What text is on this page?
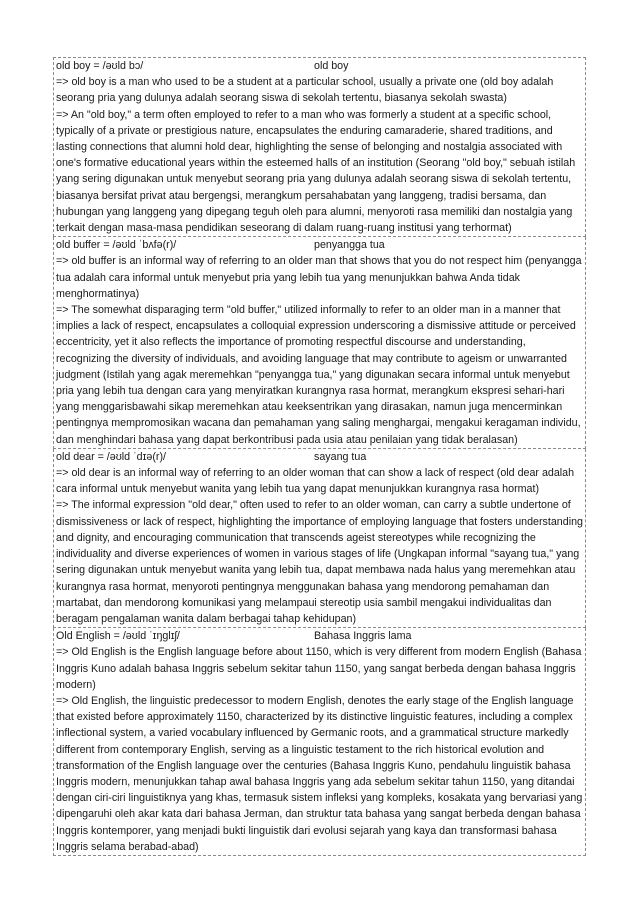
old boy = /əʊld bɔ/	old boy

=> old boy is a man who used to be a student at a particular school, usually a private one (old boy adalah seorang pria yang dulunya adalah seorang siswa di sekolah tertentu, biasanya sekolah swasta)

=> An "old boy," a term often employed to refer to a man who was formerly a student at a specific school, typically of a private or prestigious nature, encapsulates the enduring camaraderie, shared traditions, and lasting connections that alumni hold dear, highlighting the sense of belonging and nostalgia associated with one's formative educational years within the esteemed halls of an institution (Seorang "old boy," sebuah istilah yang sering digunakan untuk menyebut seorang pria yang dulunya adalah seorang siswa di sekolah tertentu, biasanya bersifat privat atau bergengsi, merangkum persahabatan yang langgeng, tradisi bersama, dan hubungan yang langgeng yang dipegang teguh oleh para alumni, menyoroti rasa memiliki dan nostalgia yang terkait dengan masa-masa pendidikan seseorang di dalam ruang-ruang institusi yang terhormat)

old buffer = /əʊld ˈbʌfə(r)/	penyangga tua

=> old buffer is an informal way of referring to an older man that shows that you do not respect him (penyangga tua adalah cara informal untuk menyebut pria yang lebih tua yang menunjukkan bahwa Anda tidak menghormatinya)

=> The somewhat disparaging term "old buffer," utilized informally to refer to an older man in a manner that implies a lack of respect, encapsulates a colloquial expression underscoring a dismissive attitude or perceived eccentricity, yet it also reflects the importance of promoting respectful discourse and understanding, recognizing the diversity of individuals, and avoiding language that may contribute to ageism or unwarranted judgment (Istilah yang agak meremehkan "penyangga tua," yang digunakan secara informal untuk menyebut pria yang lebih tua dengan cara yang menyiratkan kurangnya rasa hormat, merangkum ekspresi sehari-hari yang menggarisbawahi sikap meremehkan atau keeksentrikan yang dirasakan, namun juga mencerminkan pentingnya mempromosikan wacana dan pemahaman yang saling menghargai, mengakui keragaman individu, dan menghindari bahasa yang dapat berkontribusi pada usia atau penilaian yang tidak beralasan)

old dear = /əʊld ˈdɪə(r)/	sayang tua

=> old dear is an informal way of referring to an older woman that can show a lack of respect (old dear adalah cara informal untuk menyebut wanita yang lebih tua yang dapat menunjukkan kurangnya rasa hormat)

=> The informal expression "old dear," often used to refer to an older woman, can carry a subtle undertone of dismissiveness or lack of respect, highlighting the importance of employing language that fosters understanding and dignity, and encouraging communication that transcends ageist stereotypes while recognizing the individuality and diverse experiences of women in various stages of life (Ungkapan informal "sayang tua," yang sering digunakan untuk menyebut wanita yang lebih tua, dapat membawa nada halus yang meremehkan atau kurangnya rasa hormat, menyoroti pentingnya menggunakan bahasa yang mendorong pemahaman dan martabat, dan mendorong komunikasi yang melampaui stereotip usia sambil mengakui individualitas dan beragam pengalaman wanita dalam berbagai tahap kehidupan)

Old English = /əʊld ˈɪŋɡlɪʃ/	Bahasa Inggris lama

=> Old English is the English language before about 1150, which is very different from modern English (Bahasa Inggris Kuno adalah bahasa Inggris sebelum sekitar tahun 1150, yang sangat berbeda dengan bahasa Inggris modern)

=> Old English, the linguistic predecessor to modern English, denotes the early stage of the English language that existed before approximately 1150, characterized by its distinctive linguistic features, including a complex inflectional system, a varied vocabulary influenced by Germanic roots, and a grammatical structure markedly different from contemporary English, serving as a linguistic testament to the rich historical evolution and transformation of the English language over the centuries (Bahasa Inggris Kuno, pendahulu linguistik bahasa Inggris modern, menunjukkan tahap awal bahasa Inggris yang ada sebelum sekitar tahun 1150, yang ditandai dengan ciri-ciri linguistiknya yang khas, termasuk sistem infleksi yang kompleks, kosakata yang bervariasi yang dipengaruhi oleh akar kata dari bahasa Jerman, dan struktur tata bahasa yang sangat berbeda dengan bahasa Inggris kontemporer, yang menjadi bukti linguistik dari evolusi sejarah yang kaya dan transformasi bahasa Inggris selama berabad-abad)
